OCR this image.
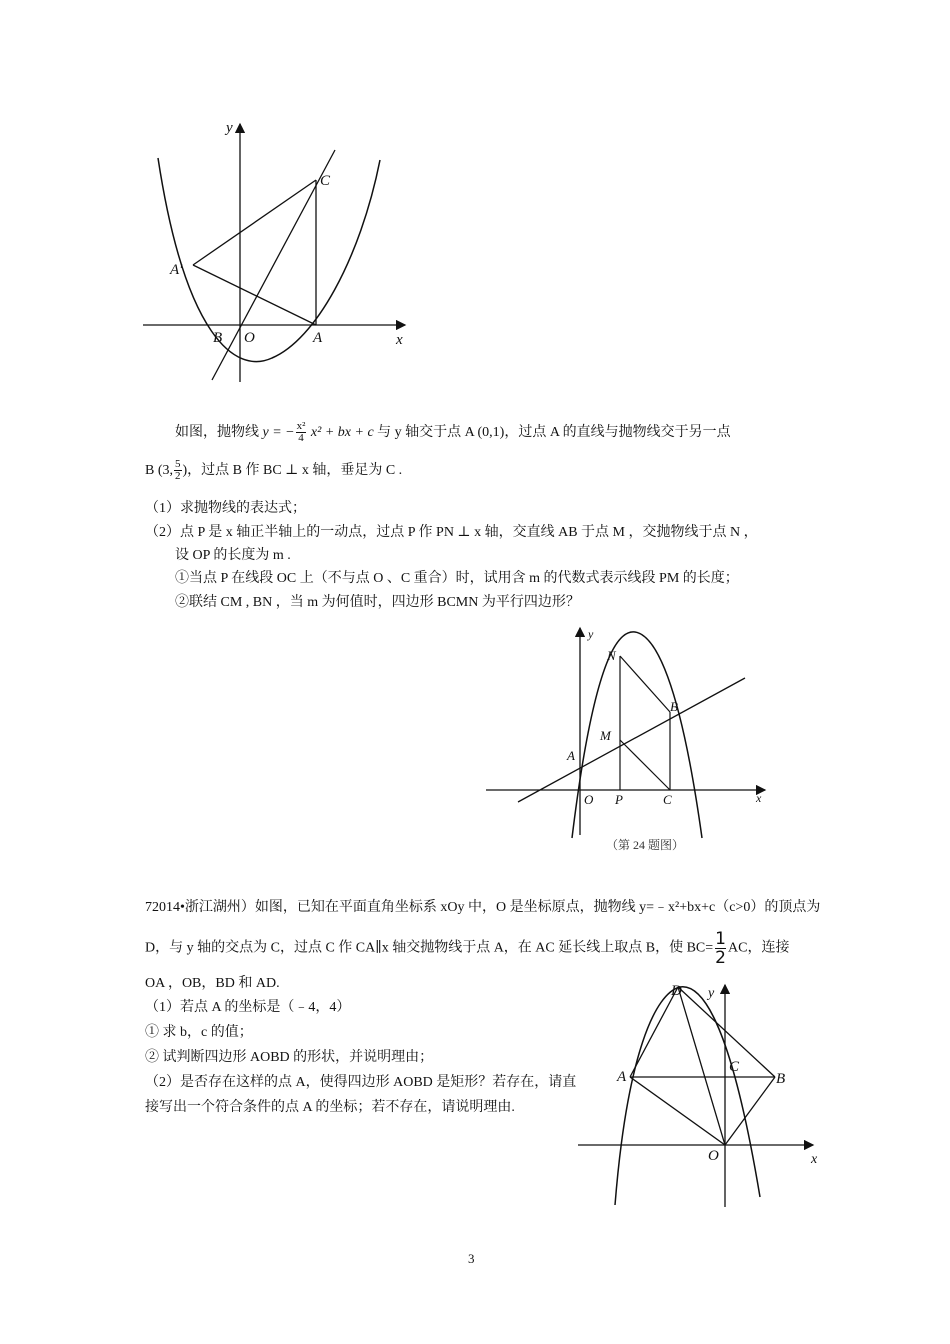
y
x
C
A′
B O	A
如图，抛物线 y = − $\frac{\text{x²}}{4} x^2$ + bx + c 与 y 轴交于点 A (0,1)，过点 A 的直线与抛物线交于另一点
B (3, $\frac{5}{2}$ )，过点 B 作 BC ⊥ x 轴，垂足为 C .
（1）求抛物线的表达式；
（2）点 P 是 x 轴正半轴上的一动点，过点 P 作 PN ⊥ x 轴，交直线 AB 于点 M ，交抛物线于点 N ，
设 OP 的长度为 m .
①当点 P 在线段 OC 上（不与点 O 、C 重合）时，试用含 m 的代数式表示线段 PM 的长度；
②联结 CM , BN ，当 m 为何值时，四边形 BCMN 为平行四边形？
y
x
N
B
M
A
O P	C
（第 24 题图）
72014•浙江湖州）如图，已知在平面直角坐标系 xOy 中，O 是坐标原点，抛物线 y=﹣x²+bx+c（c>0）的顶点为
D，与 y 轴的交点为 C，过点 C 作 CA∥x 轴交抛物线于点 A，在 AC 延长线上取点 B，使 $BC= \frac{1}{2}$ AC，连接
OA ，OB，BD 和 AD.
（1）若点 A 的坐标是（﹣4，4）
① 求 b，c 的值；
② 试判断四边形 AOBD 的形状，并说明理由；
（2）是否存在这样的点 A，使得四边形 AOBD 是矩形？若存在，请直
接写出一个符合条件的点 A 的坐标；若不存在，请说明理由.
y
x
D
A
C
B
O
3
